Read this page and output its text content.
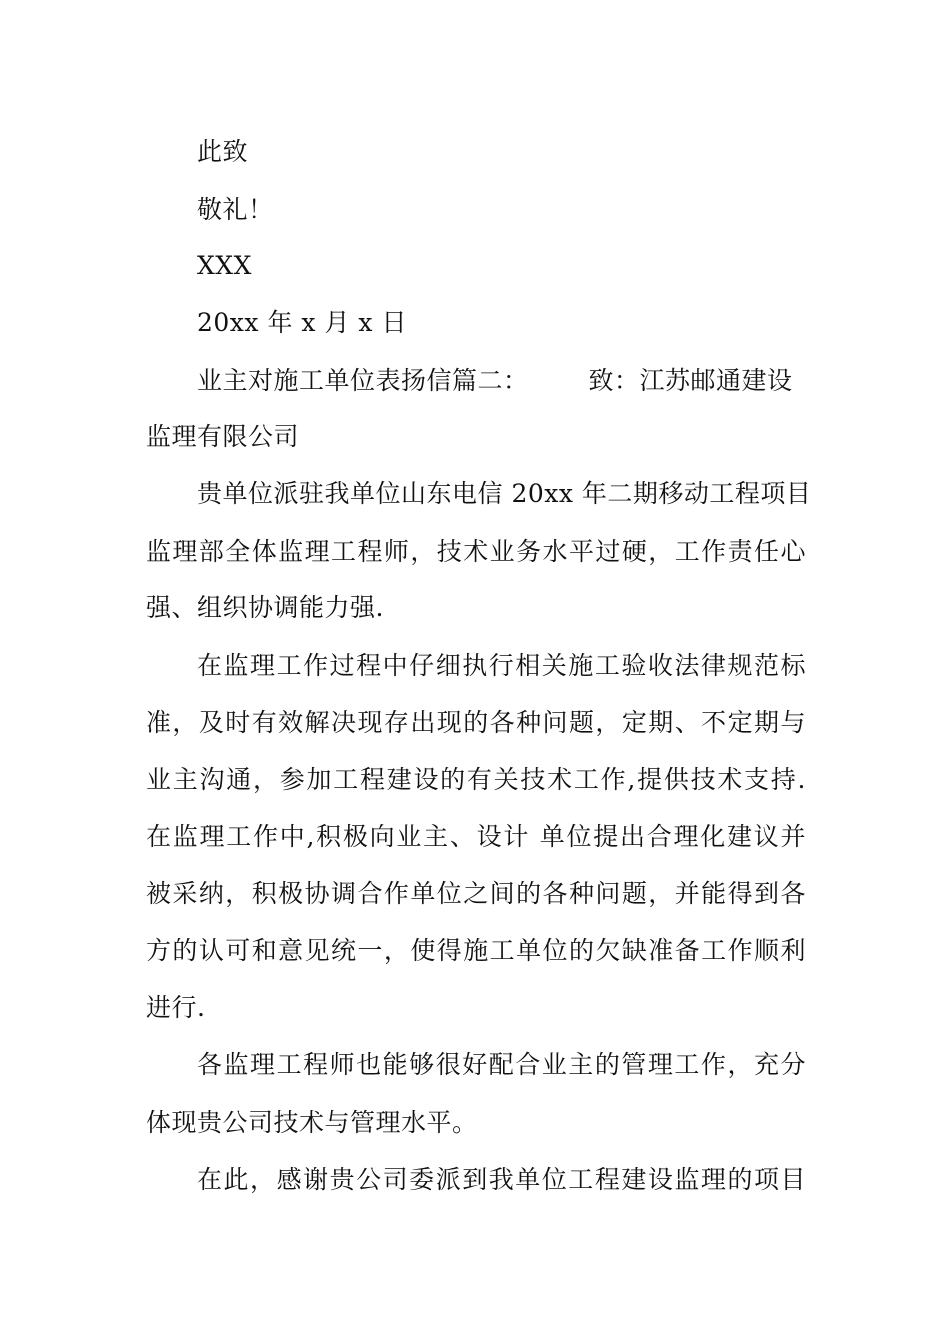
此致
敬礼！
XXX
20xx 年 x 月 x 日
业主对施工单位表扬信篇二： 致：江苏邮通建设
监理有限公司
贵单位派驻我单位山东电信 20xx 年二期移动工程项目
监理部全体监理工程师，技术业务水平过硬，工作责任心
强、组织协调能力强.
在监理工作过程中仔细执行相关施工验收法律规范标
准，及时有效解决现存出现的各种问题，定期、不定期与
业主沟通，参加工程建设的有关技术工作,提供技术支持.
在监理工作中,积极向业主、设计 单位提出合理化建议并
被采纳，积极协调合作单位之间的各种问题，并能得到各
方的认可和意见统一，使得施工单位的欠缺准备工作顺利
进行.
各监理工程师也能够很好配合业主的管理工作，充分
体现贵公司技术与管理水平。
在此，感谢贵公司委派到我单位工程建设监理的项目
